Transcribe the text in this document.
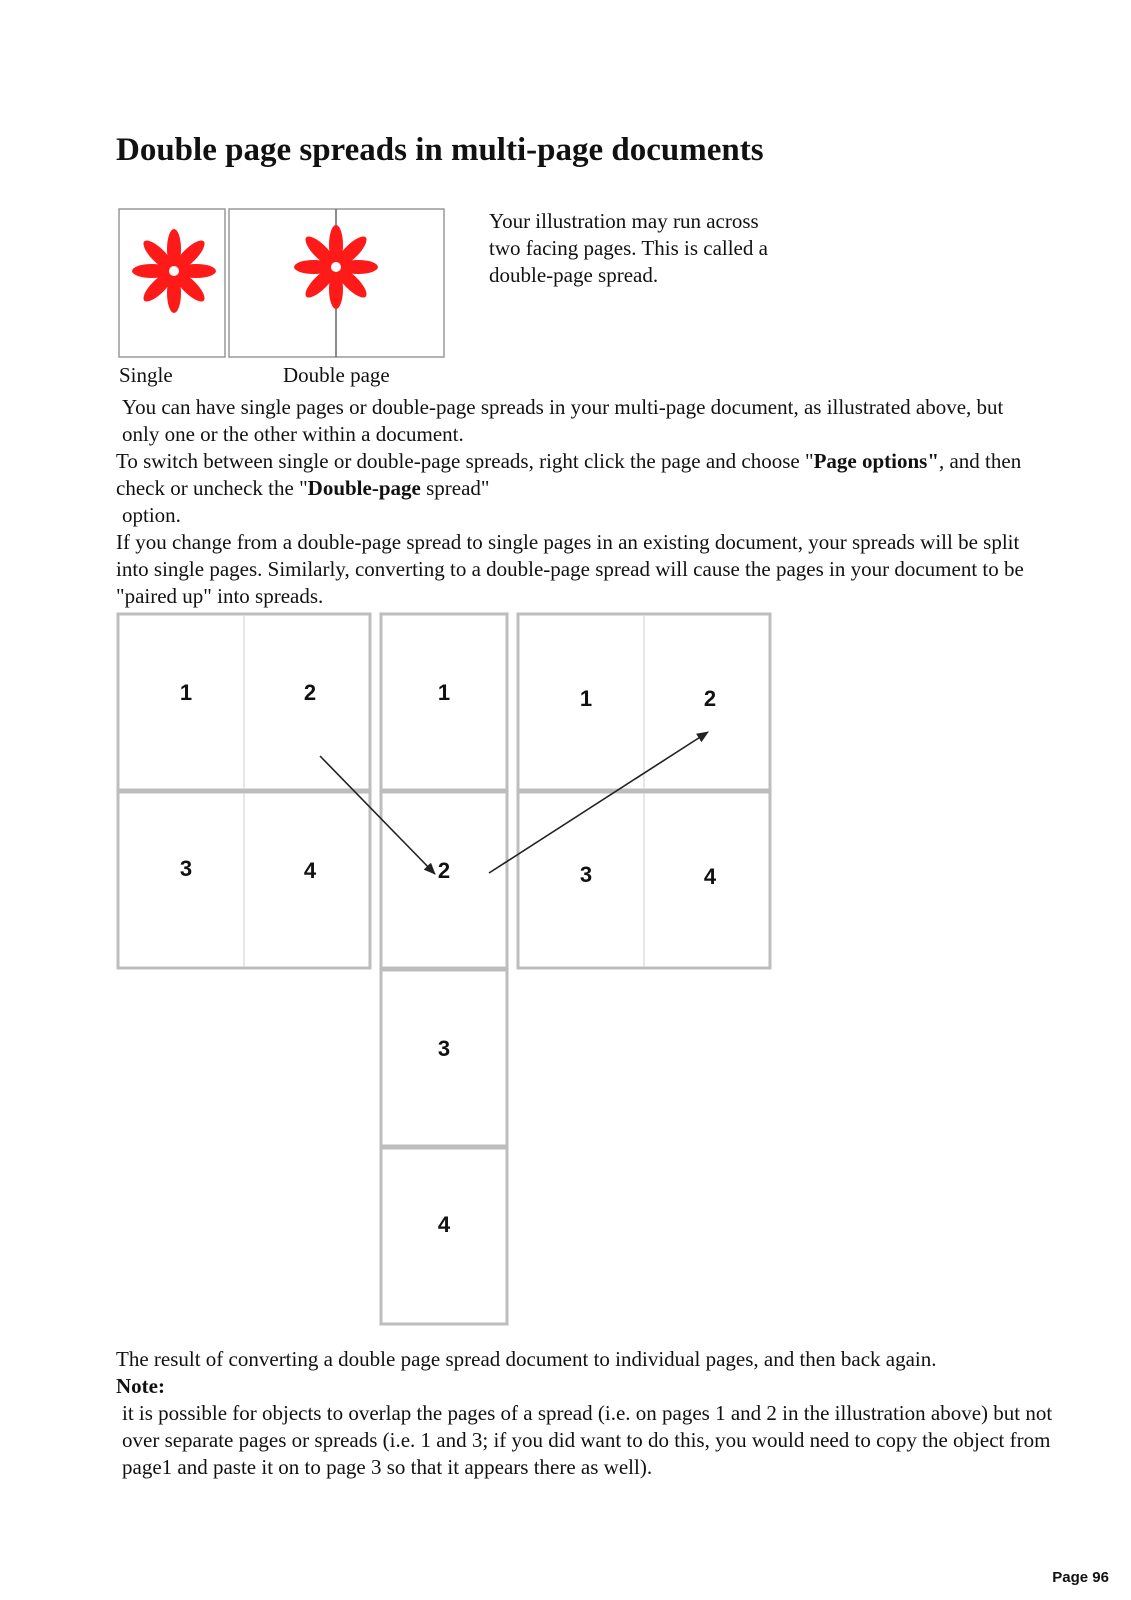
Double page spreads in multi-page documents
Your illustration may run across two facing pages. This is called a double-page spread.
Single	Double page

You can have single pages or double-page spreads in your multi-page document, as illustrated above, but only one or the other within a document.

To switch between single or double-page spreads, right click the page and choose "Page options", and then check or uncheck the "Double-page spread"

option.

If you change from a double-page spread to single pages in an existing document, your spreads will be split into single pages. Similarly, converting to a double-page spread will cause the pages in your document to be "paired up" into spreads.

1	2
3	4
1	2
3	4
1
2
3
4
The result of converting a double page spread document to individual pages, and then back again.

Note:

it is possible for objects to overlap the pages of a spread (i.e. on pages 1 and 2 in the illustration above) but not over separate pages or spreads (i.e. 1 and 3; if you did want to do this, you would need to copy the object from page1 and paste it on to page 3 so that it appears there as well).

Page 96
